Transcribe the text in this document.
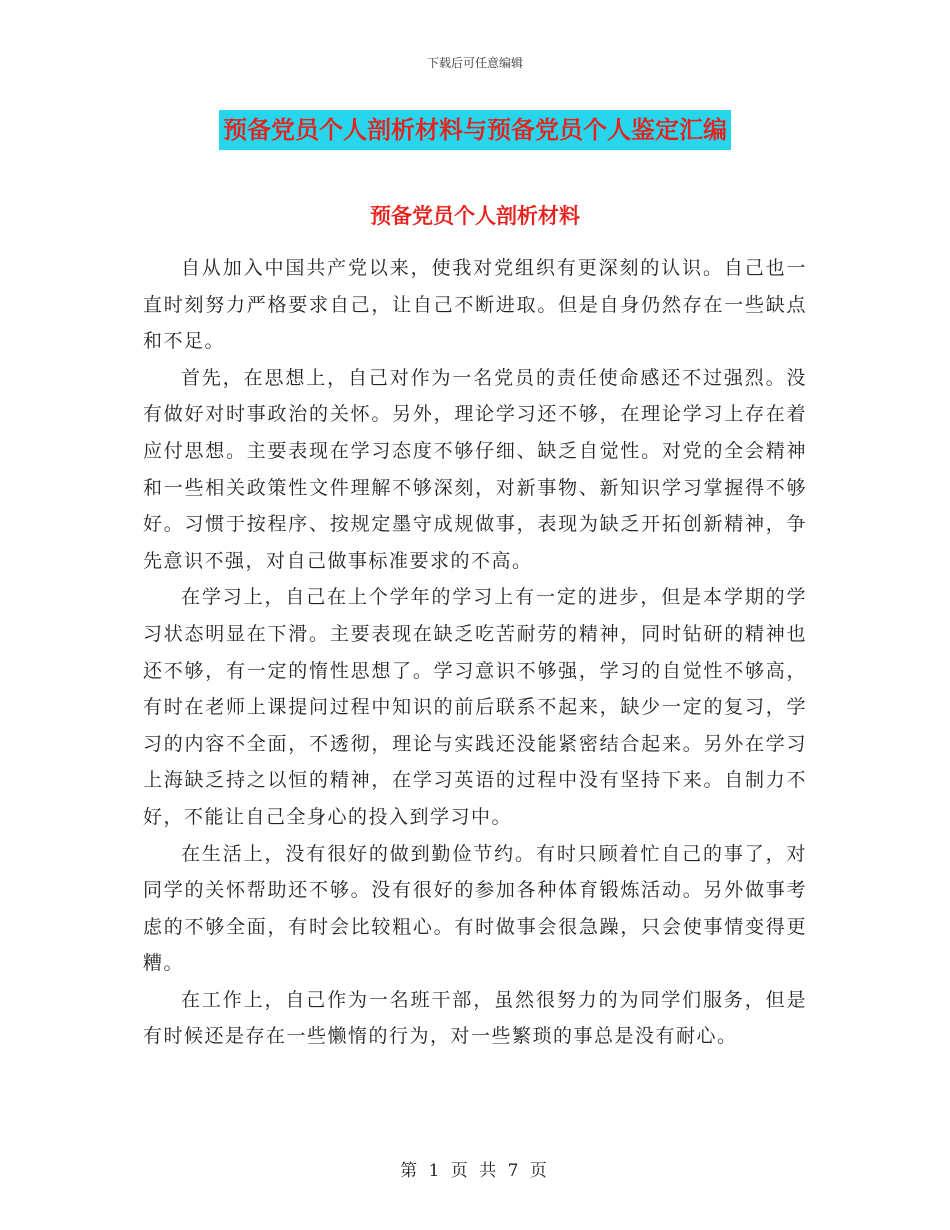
下载后可任意编辑
预备党员个人剖析材料与预备党员个人鉴定汇编
预备党员个人剖析材料

自从加入中国共产党以来，使我对党组织有更深刻的认识。自己也一直时刻努力严格要求自己，让自己不断进取。但是自身仍然存在一些缺点和不足。

首先，在思想上，自己对作为一名党员的责任使命感还不过强烈。没有做好对时事政治的关怀。另外，理论学习还不够，在理论学习上存在着应付思想。主要表现在学习态度不够仔细、缺乏自觉性。对党的全会精神和一些相关政策性文件理解不够深刻，对新事物、新知识学习掌握得不够好。习惯于按程序、按规定墨守成规做事，表现为缺乏开拓创新精神，争先意识不强，对自己做事标准要求的不高。

在学习上，自己在上个学年的学习上有一定的进步，但是本学期的学习状态明显在下滑。主要表现在缺乏吃苦耐劳的精神，同时钻研的精神也还不够，有一定的惰性思想了。学习意识不够强，学习的自觉性不够高，有时在老师上课提问过程中知识的前后联系不起来，缺少一定的复习，学习的内容不全面，不透彻，理论与实践还没能紧密结合起来。另外在学习上海缺乏持之以恒的精神，在学习英语的过程中没有坚持下来。自制力不好，不能让自己全身心的投入到学习中。

在生活上，没有很好的做到勤俭节约。有时只顾着忙自己的事了，对同学的关怀帮助还不够。没有很好的参加各种体育锻炼活动。另外做事考虑的不够全面，有时会比较粗心。有时做事会很急躁，只会使事情变得更糟。

在工作上，自己作为一名班干部，虽然很努力的为同学们服务，但是有时候还是存在一些懒惰的行为，对一些繁琐的事总是没有耐心。

第 1 页 共 7 页
